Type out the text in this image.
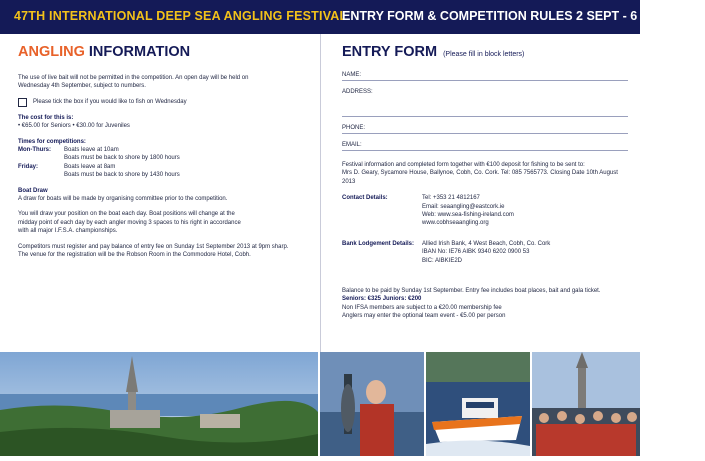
47TH INTERNATIONAL DEEP SEA ANGLING FESTIVAL
ENTRY FORM & COMPETITION RULES 2 SEPT - 6 SEPT 2013
ANGLING INFORMATION
The use of live bait will not be permitted in the competition. An open day will be held on
Wednesday 4th September, subject to numbers.
Please tick the box if you would like to fish on Wednesday
The cost for this is:
• €65.00 for Seniors • €30.00 for Juveniles
Times for competitions:
Mon-Thurs:	Boats leave at 10am
Boats must be back to shore by 1800 hours
Friday:	Boats leave at 8am
Boats must be back to shore by 1430 hours
Boat Draw
A draw for boats will be made by organising committee prior to the competition.
You will draw your position on the boat each day. Boat positions will change at the
midday point of each day by each angler moving 3 spaces to his right in accordance
with all major I.F.S.A. championships.
Competitors must register and pay balance of entry fee on Sunday 1st September 2013 at 9pm sharp.
The venue for the registration will be the Robson Room in the Commodore Hotel, Cobh.
ENTRY FORM (Please fill in block letters)
NAME:
ADDRESS:
PHONE:
EMAIL:
Festival information and completed form together with €100 deposit for fishing to be sent to:
Mrs D. Geary, Sycamore House, Ballynoe, Cobh, Co. Cork. Tel: 085 7565773. Closing Date 10th August 2013
Contact Details:	Tel: +353 21 4812167
Email: seaangling@eastcork.ie
Web: www.sea-fishing-ireland.com
www.cobhseaangling.org
Bank Lodgement Details:	Allied Irish Bank, 4 West Beach, Cobh, Co. Cork
IBAN No: IE76 AIBK 9340 6202 0900 53
BIC: AIBKIE2D
Balance to be paid by Sunday 1st September. Entry fee includes boat places, bait and gala ticket.
Seniors: €325 Juniors: €200
Non IFSA members are subject to a €20.00 membership fee
Anglers may enter the optional team event - €5.00 per person
